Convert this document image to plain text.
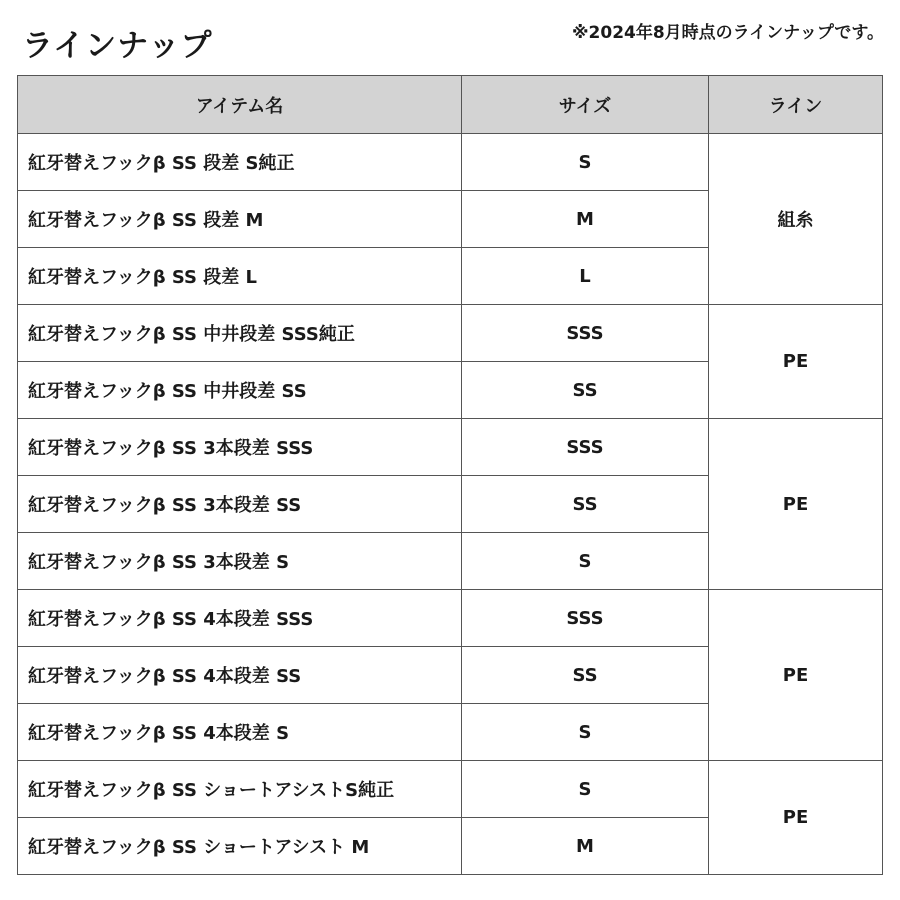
ラインナップ	※2024年8月時点のラインナップです。
アイテム名	サイズ	ライン
紅牙替えフックβ SS 段差 S純正	S	組糸
紅牙替えフックβ SS 段差 M	M	
紅牙替えフックβ SS 段差 L	L	
紅牙替えフックβ SS 中井段差 SSS純正	SSS	PE
紅牙替えフックβ SS 中井段差 SS	SS	
紅牙替えフックβ SS 3本段差 SSS	SSS	PE
紅牙替えフックβ SS 3本段差 SS	SS	
紅牙替えフックβ SS 3本段差 S	S	
紅牙替えフックβ SS 4本段差 SSS	SSS	PE
紅牙替えフックβ SS 4本段差 SS	SS	
紅牙替えフックβ SS 4本段差 S	S	
紅牙替えフックβ SS ショートアシストS純正	S	PE
紅牙替えフックβ SS ショートアシスト M	M	
